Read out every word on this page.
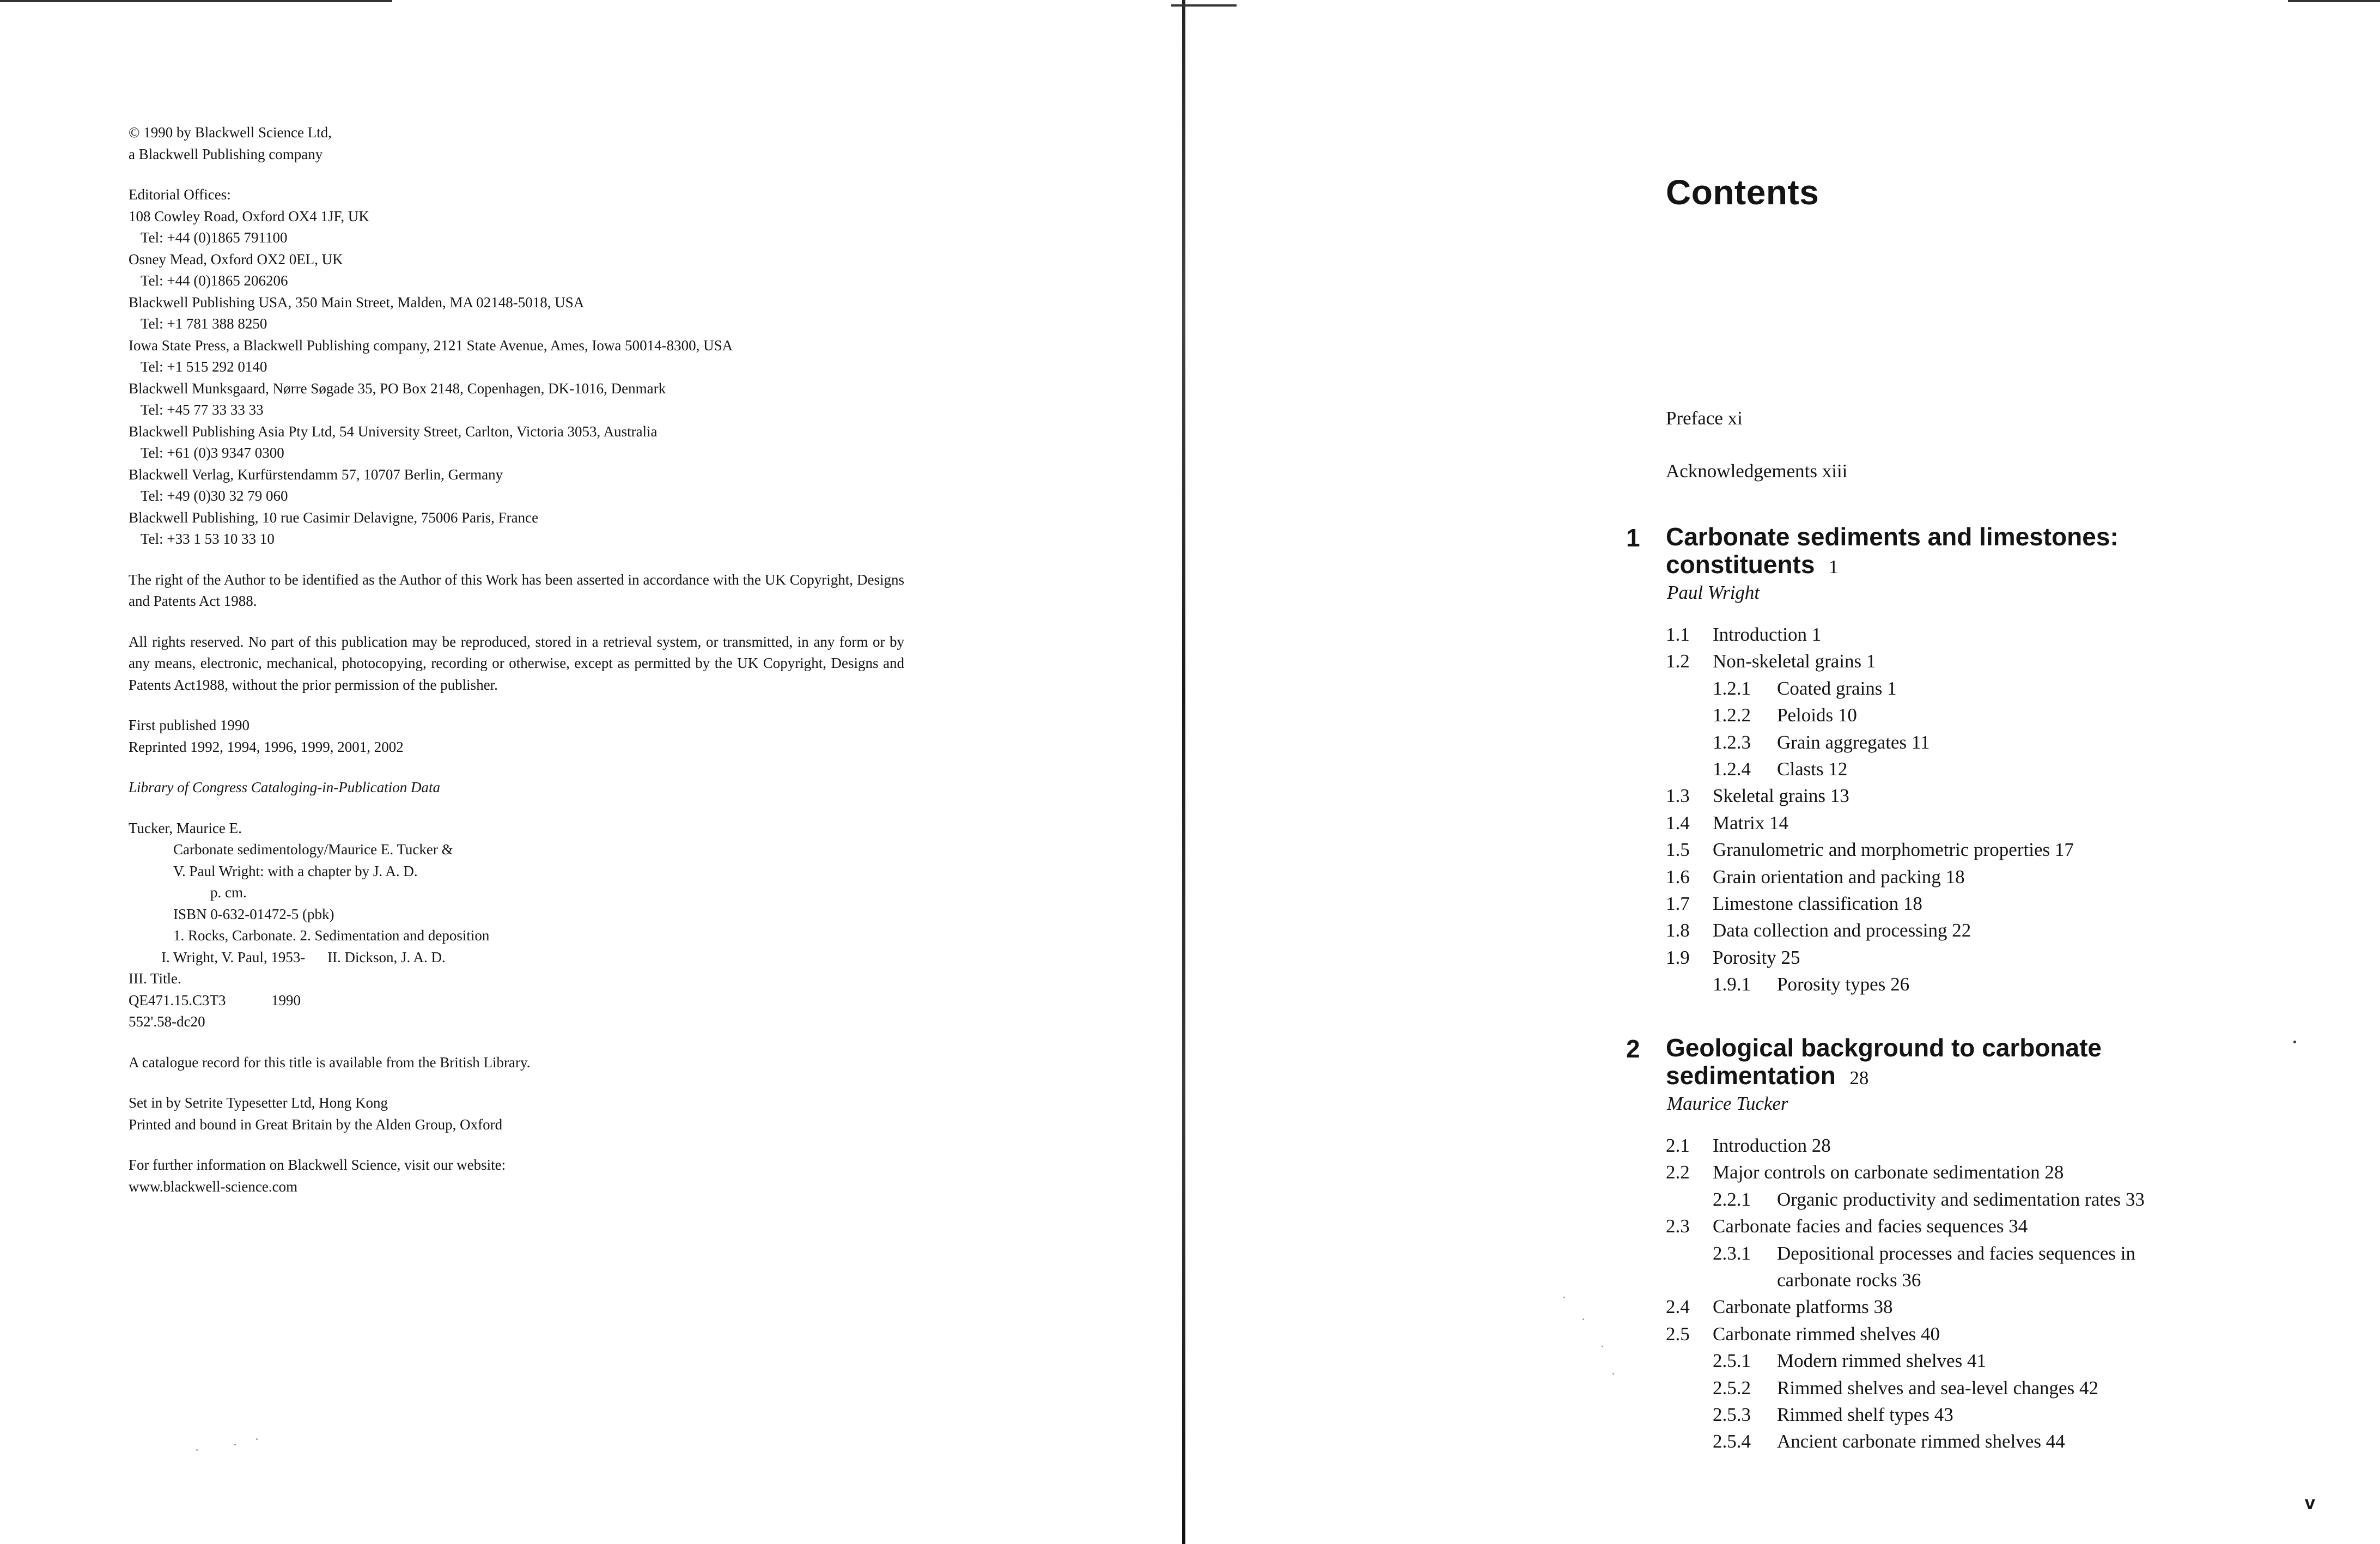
© 1990 by Blackwell Science Ltd,
a Blackwell Publishing company
Editorial Offices:
108 Cowley Road, Oxford OX4 1JF, UK
Tel: +44 (0)1865 791100
Osney Mead, Oxford OX2 0EL, UK
Tel: +44 (0)1865 206206
Blackwell Publishing USA, 350 Main Street, Malden, MA 02148-5018, USA
Tel: +1 781 388 8250
Iowa State Press, a Blackwell Publishing company, 2121 State Avenue, Ames, Iowa 50014-8300, USA
Tel: +1 515 292 0140
Blackwell Munksgaard, Nørre Søgade 35, PO Box 2148, Copenhagen, DK-1016, Denmark
Tel: +45 77 33 33 33
Blackwell Publishing Asia Pty Ltd, 54 University Street, Carlton, Victoria 3053, Australia
Tel: +61 (0)3 9347 0300
Blackwell Verlag, Kurfürstendamm 57, 10707 Berlin, Germany
Tel: +49 (0)30 32 79 060
Blackwell Publishing, 10 rue Casimir Delavigne, 75006 Paris, France
Tel: +33 1 53 10 33 10
The right of the Author to be identified as the Author of this Work has been asserted in accordance with the UK Copyright, Designs and Patents Act 1988.
All rights reserved. No part of this publication may be reproduced, stored in a retrieval system, or transmitted, in any form or by any means, electronic, mechanical, photocopying, recording or otherwise, except as permitted by the UK Copyright, Designs and Patents Act1988, without the prior permission of the publisher.
First published 1990
Reprinted 1992, 1994, 1996, 1999, 2001, 2002
Library of Congress Cataloging-in-Publication Data
Tucker, Maurice E.
Carbonate sedimentology/Maurice E. Tucker &
V. Paul Wright: with a chapter by J. A. D.
p. cm.
ISBN 0-632-01472-5 (pbk)
1. Rocks, Carbonate. 2. Sedimentation and deposition
I. Wright, V. Paul, 1953-	II. Dickson, J. A. D.
III. Title.
QE471.15.C3T3	1990
552'.58-dc20
A catalogue record for this title is available from the British Library.
Set in by Setrite Typesetter Ltd, Hong Kong
Printed and bound in Great Britain by the Alden Group, Oxford
For further information on Blackwell Science, visit our website:
www.blackwell-science.com
Contents
Preface xi
Acknowledgements xiii
1 Carbonate sediments and limestones:
constituents 1
Paul Wright
1.1 Introduction 1
1.2 Non-skeletal grains 1
1.2.1 Coated grains 1
1.2.2 Peloids 10
1.2.3 Grain aggregates 11
1.2.4 Clasts 12
1.3 Skeletal grains 13
1.4 Matrix 14
1.5 Granulometric and morphometric properties 17
1.6 Grain orientation and packing 18
1.7 Limestone classification 18
1.8 Data collection and processing 22
1.9 Porosity 25
1.9.1 Porosity types 26
2 Geological background to carbonate
sedimentation 28
Maurice Tucker
2.1 Introduction 28
2.2 Major controls on carbonate sedimentation 28
2.2.1 Organic productivity and sedimentation rates 33
2.3 Carbonate facies and facies sequences 34
2.3.1 Depositional processes and facies sequences in
carbonate rocks 36
2.4 Carbonate platforms 38
2.5 Carbonate rimmed shelves 40
2.5.1 Modern rimmed shelves 41
2.5.2 Rimmed shelves and sea-level changes 42
2.5.3 Rimmed shelf types 43
2.5.4 Ancient carbonate rimmed shelves 44
v
